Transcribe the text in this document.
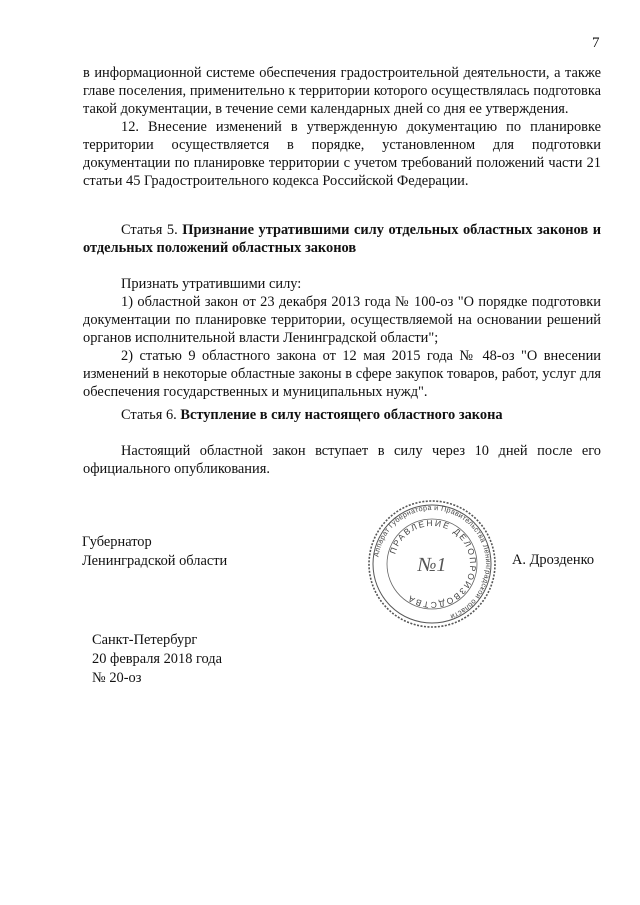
7

в информационной системе обеспечения градостроительной деятельности, а также главе поселения, применительно к территории которого осуществлялась подготовка такой документации, в течение семи календарных дней со дня ее утверждения.

12. Внесение изменений в утвержденную документацию по планировке территории осуществляется в порядке, установленном для подготовки документации по планировке территории с учетом требований положений части 21 статьи 45 Градостроительного кодекса Российской Федерации.

Статья 5. Признание утратившими силу отдельных областных законов и отдельных положений областных законов

Признать утратившими силу:

1) областной закон от 23 декабря 2013 года № 100-оз "О порядке подготовки документации по планировке территории, осуществляемой на основании решений органов исполнительной власти Ленинградской области";

2) статью 9 областного закона от 12 мая 2015 года № 48-оз "О внесении изменений в некоторые областные законы в сфере закупок товаров, работ, услуг для обеспечения государственных и муниципальных нужд".

Статья 6. Вступление в силу настоящего областного закона

Настоящий областной закон вступает в силу через 10 дней после его официального опубликования.

Губернатор
Ленинградской области	Аппарат Губернатора и Правительства Ленинградской области
ПРАВЛЕНИЕ ДЕЛОПРОИЗВОДСТВА
№1	А. Дрозденко
Санкт-Петербург
20 февраля 2018 года
№ 20-оз
